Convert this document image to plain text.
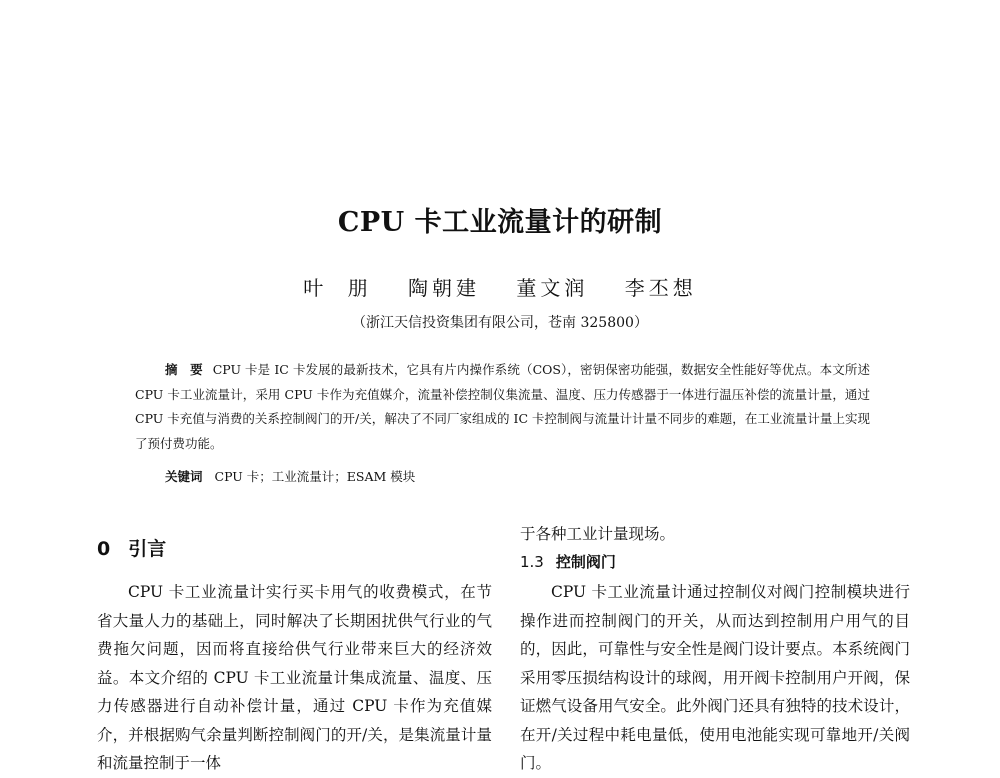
CPU 卡工业流量计的研制
叶 朋 陶朝建 董文润 李丕想
（浙江天信投资集团有限公司，苍南 325800）
摘 要 CPU 卡是 IC 卡发展的最新技术，它具有片内操作系统（COS），密钥保密功能强，数据安全性能好等优点。本文所述 CPU 卡工业流量计，采用 CPU 卡作为充值媒介，流量补偿控制仪集流量、温度、压力传感器于一体进行温压补偿的流量计量，通过 CPU 卡充值与消费的关系控制阀门的开/关，解决了不同厂家组成的 IC 卡控制阀与流量计计量不同步的难题，在工业流量计量上实现了预付费功能。
关键词 CPU 卡；工业流量计；ESAM 模块
0 引言

CPU 卡工业流量计实行买卡用气的收费模式，在节省大量人力的基础上，同时解决了长期困扰供气行业的气费拖欠问题，因而将直接给供气行业带来巨大的经济效益。本文介绍的 CPU 卡工业流量计集成流量、温度、压力传感器进行自动补偿计量，通过 CPU 卡作为充值媒介，并根据购气余量判断控制阀门的开/关，是集流量计量和流量控制于一体

于各种工业计量现场。
1.3 控制阀门

CPU 卡工业流量计通过控制仪对阀门控制模块进行操作进而控制阀门的开关，从而达到控制用户用气的目的，因此，可靠性与安全性是阀门设计要点。本系统阀门采用零压损结构设计的球阀，用开阀卡控制用户开阀，保证燃气设备用气安全。此外阀门还具有独特的技术设计，在开/关过程中耗电量低，使用电池能实现可靠地开/关阀门。
